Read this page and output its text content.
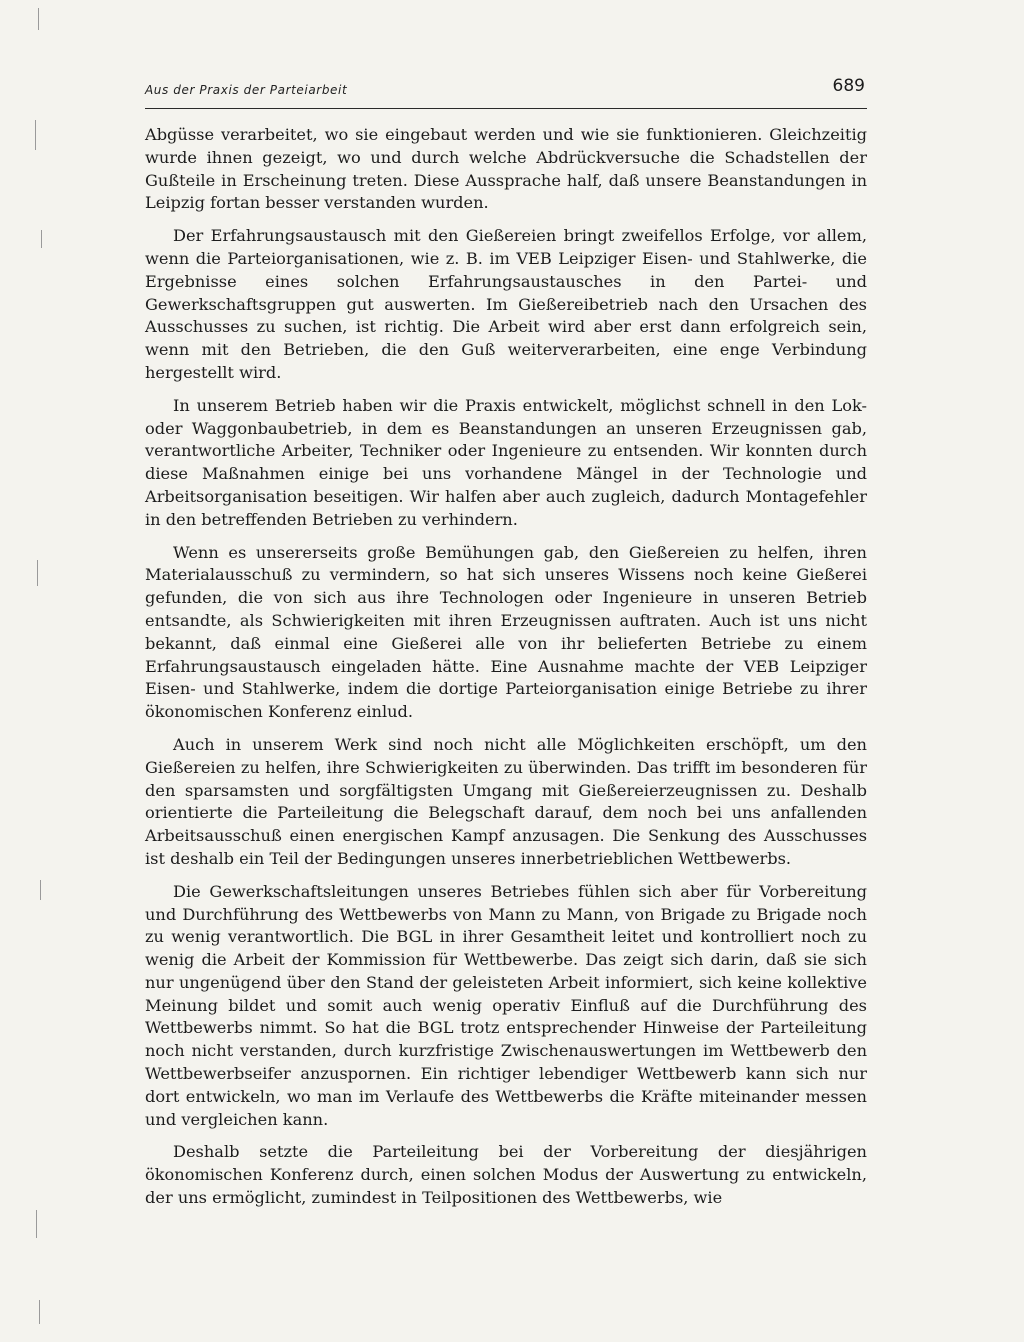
Aus der Praxis der Parteiarbeit	689

Abgüsse verarbeitet, wo sie eingebaut werden und wie sie funktionieren. Gleichzeitig wurde ihnen gezeigt, wo und durch welche Abdrückversuche die Schadstellen der Gußteile in Erscheinung treten. Diese Aussprache half, daß unsere Beanstandungen in Leipzig fortan besser verstanden wurden.

Der Erfahrungsaustausch mit den Gießereien bringt zweifellos Erfolge, vor allem, wenn die Parteiorganisationen, wie z. B. im VEB Leipziger Eisen- und Stahlwerke, die Ergebnisse eines solchen Erfahrungsaustausches in den Partei- und Gewerkschaftsgruppen gut auswerten. Im Gießereibetrieb nach den Ursachen des Ausschusses zu suchen, ist richtig. Die Arbeit wird aber erst dann erfolgreich sein, wenn mit den Betrieben, die den Guß weiterverarbeiten, eine enge Verbindung hergestellt wird.

In unserem Betrieb haben wir die Praxis entwickelt, möglichst schnell in den Lok- oder Waggonbaubetrieb, in dem es Beanstandungen an unseren Erzeugnissen gab, verantwortliche Arbeiter, Techniker oder Ingenieure zu entsenden. Wir konnten durch diese Maßnahmen einige bei uns vorhandene Mängel in der Technologie und Arbeitsorganisation beseitigen. Wir halfen aber auch zugleich, dadurch Montagefehler in den betreffenden Betrieben zu verhindern.

Wenn es unsererseits große Bemühungen gab, den Gießereien zu helfen, ihren Materialausschuß zu vermindern, so hat sich unseres Wissens noch keine Gießerei gefunden, die von sich aus ihre Technologen oder Ingenieure in unseren Betrieb entsandte, als Schwierigkeiten mit ihren Erzeugnissen auftraten. Auch ist uns nicht bekannt, daß einmal eine Gießerei alle von ihr belieferten Betriebe zu einem Erfahrungsaustausch eingeladen hätte. Eine Ausnahme machte der VEB Leipziger Eisen- und Stahlwerke, indem die dortige Parteiorganisation einige Betriebe zu ihrer ökonomischen Konferenz einlud.

Auch in unserem Werk sind noch nicht alle Möglichkeiten erschöpft, um den Gießereien zu helfen, ihre Schwierigkeiten zu überwinden. Das trifft im besonderen für den sparsamsten und sorgfältigsten Umgang mit Gießereierzeugnissen zu. Deshalb orientierte die Parteileitung die Belegschaft darauf, dem noch bei uns anfallenden Arbeitsausschuß einen energischen Kampf anzusagen. Die Senkung des Ausschusses ist deshalb ein Teil der Bedingungen unseres innerbetrieblichen Wettbewerbs.

Die Gewerkschaftsleitungen unseres Betriebes fühlen sich aber für Vorbereitung und Durchführung des Wettbewerbs von Mann zu Mann, von Brigade zu Brigade noch zu wenig verantwortlich. Die BGL in ihrer Gesamtheit leitet und kontrolliert noch zu wenig die Arbeit der Kommission für Wettbewerbe. Das zeigt sich darin, daß sie sich nur ungenügend über den Stand der geleisteten Arbeit informiert, sich keine kollektive Meinung bildet und somit auch wenig operativ Einfluß auf die Durchführung des Wettbewerbs nimmt. So hat die BGL trotz entsprechender Hinweise der Parteileitung noch nicht verstanden, durch kurzfristige Zwischenauswertungen im Wettbewerb den Wettbewerbseifer anzuspornen. Ein richtiger lebendiger Wettbewerb kann sich nur dort entwickeln, wo man im Verlaufe des Wettbewerbs die Kräfte miteinander messen und vergleichen kann.

Deshalb setzte die Parteileitung bei der Vorbereitung der diesjährigen ökonomischen Konferenz durch, einen solchen Modus der Auswertung zu entwickeln, der uns ermöglicht, zumindest in Teilpositionen des Wettbewerbs, wie
